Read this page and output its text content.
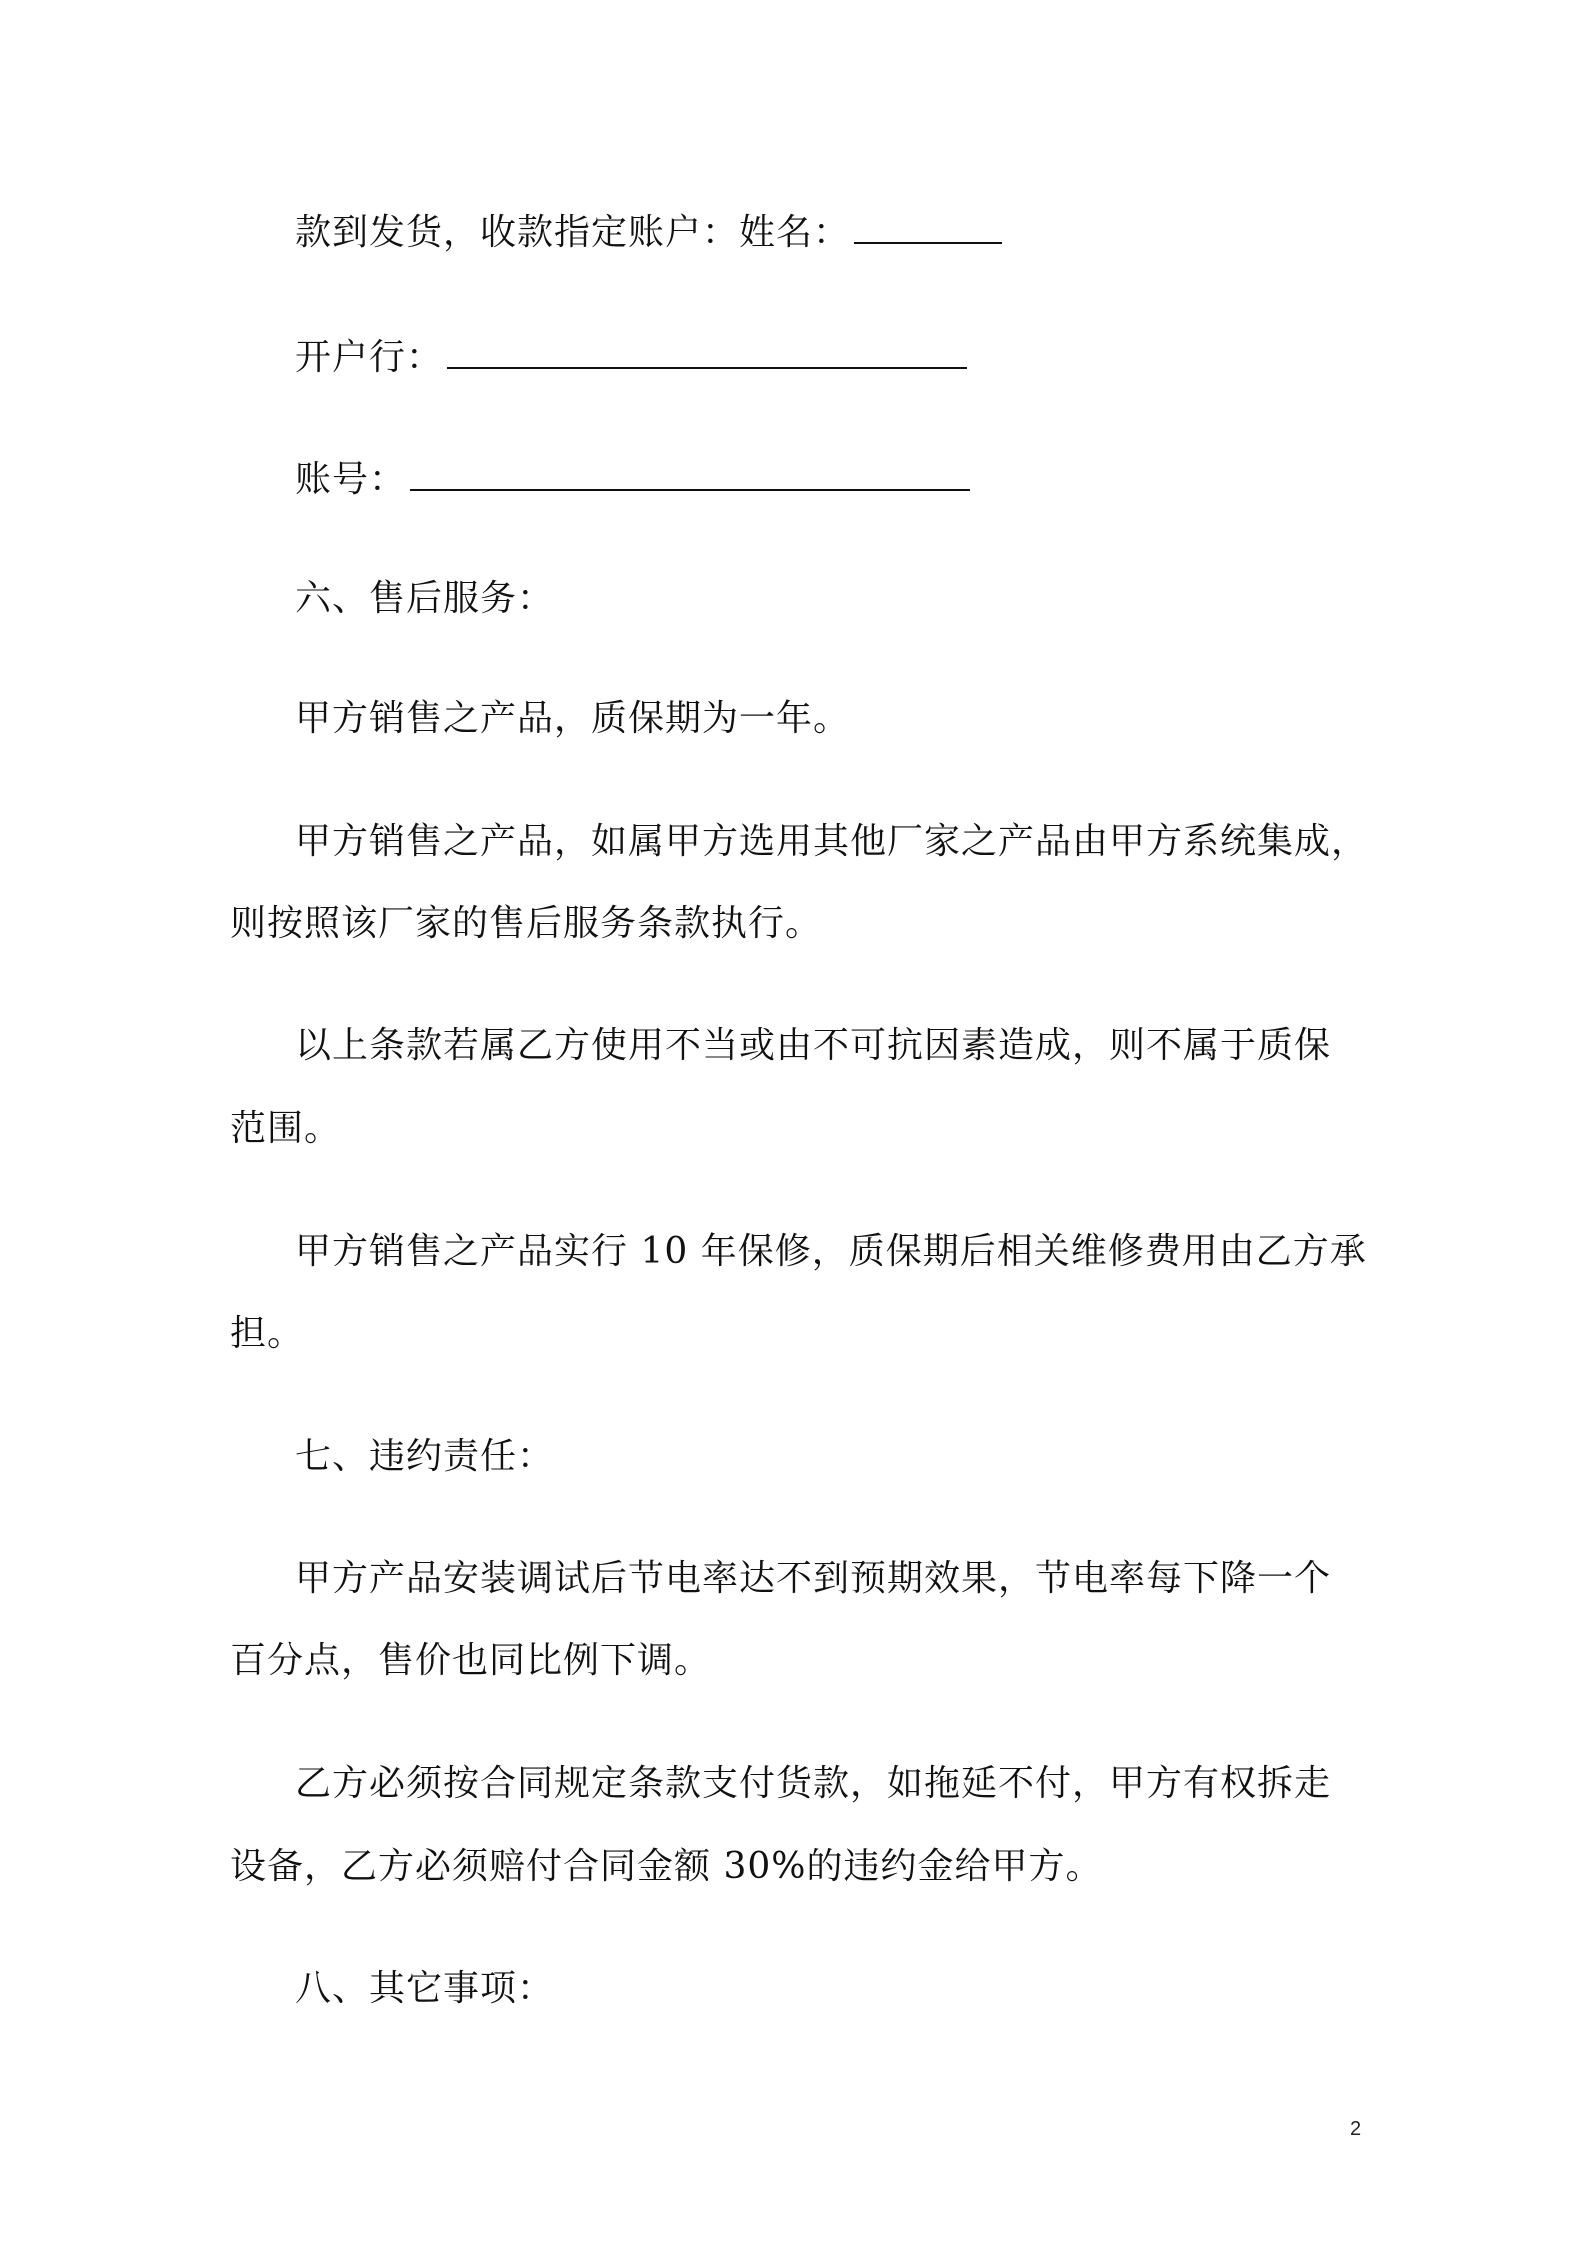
款到发货，收款指定账户：姓名：
开户行：
账号：
六、售后服务：
甲方销售之产品，质保期为一年。
甲方销售之产品，如属甲方选用其他厂家之产品由甲方系统集成，
则按照该厂家的售后服务条款执行。
以上条款若属乙方使用不当或由不可抗因素造成，则不属于质保
范围。
甲方销售之产品实行 10 年保修，质保期后相关维修费用由乙方承
担。
七、违约责任：
甲方产品安装调试后节电率达不到预期效果，节电率每下降一个
百分点，售价也同比例下调。
乙方必须按合同规定条款支付货款，如拖延不付，甲方有权拆走
设备，乙方必须赔付合同金额 30%的违约金给甲方。
八、其它事项：
2
